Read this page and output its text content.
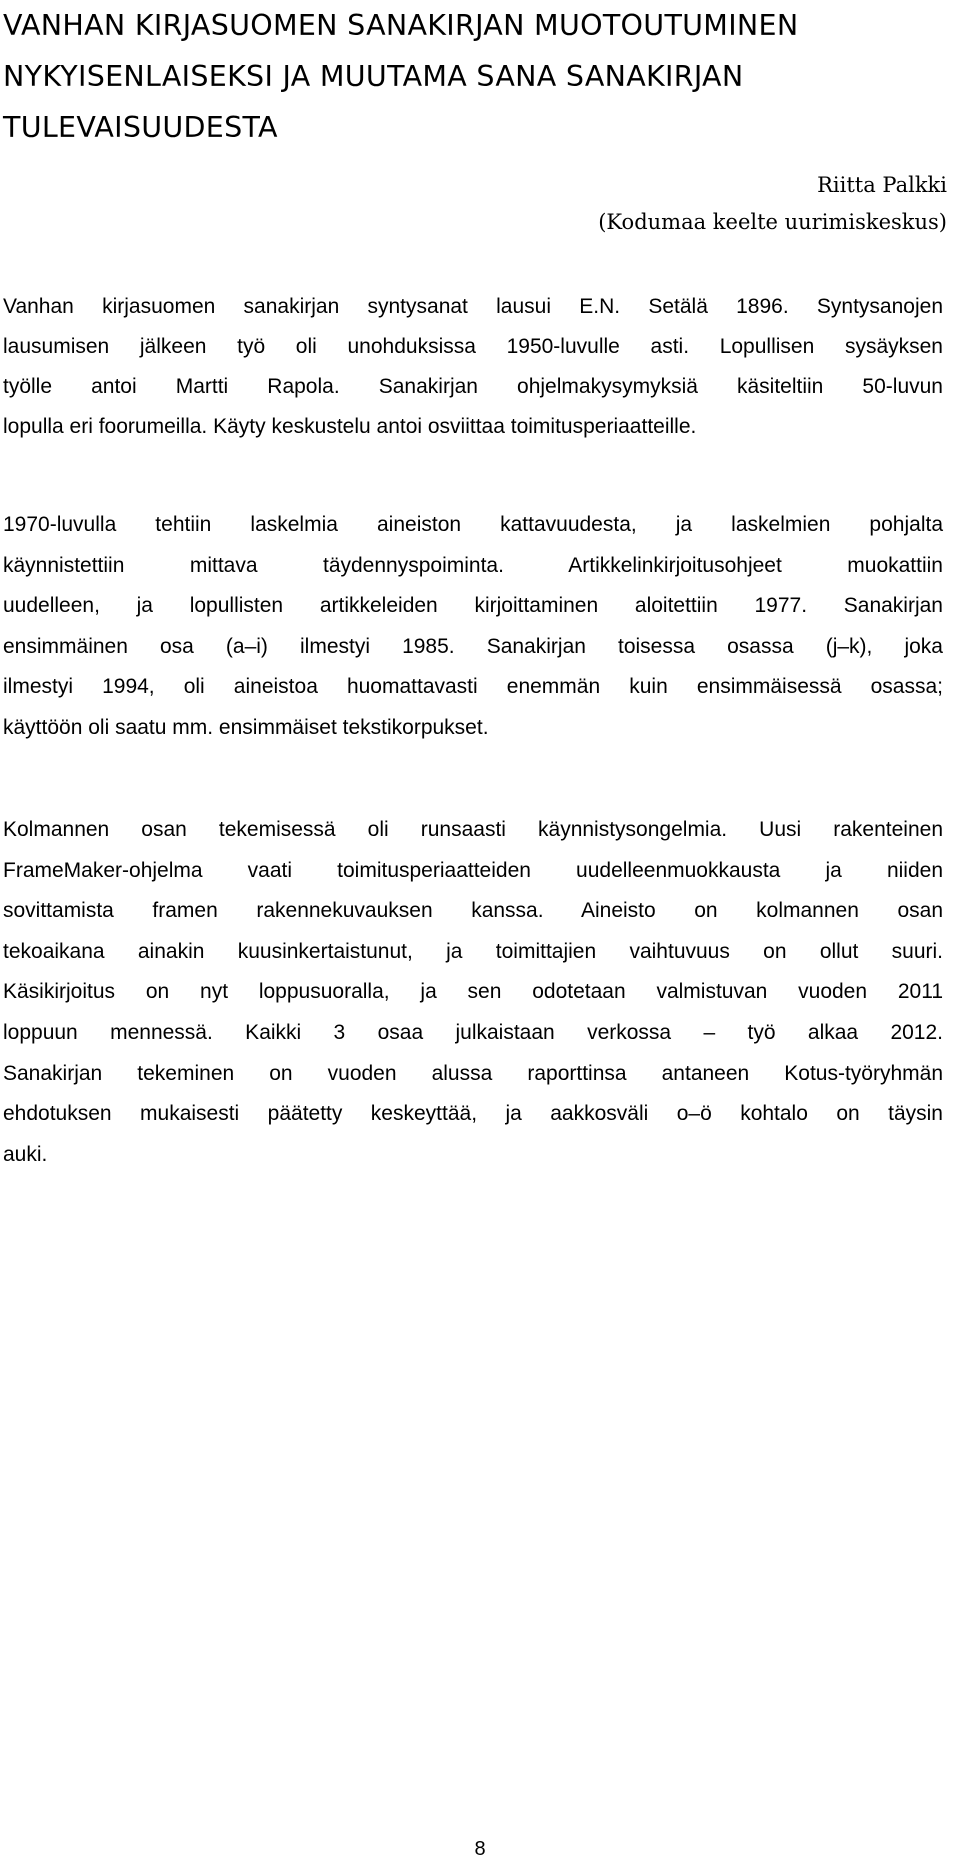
VANHAN KIRJASUOMEN SANAKIRJAN MUOTOUTUMINEN
NYKYISENLAISEKSI JA MUUTAMA SANA SANAKIRJAN
TULEVAISUUDESTA
Riitta Palkki
(Kodumaa keelte uurimiskeskus)

Vanhan kirjasuomen sanakirjan syntysanat lausui E.N. Setälä 1896. Syntysanojen
lausumisen jälkeen työ oli unohduksissa 1950-luvulle asti. Lopullisen sysäyksen
työlle antoi Martti Rapola. Sanakirjan ohjelmakysymyksiä käsiteltiin 50-luvun
lopulla eri foorumeilla. Käyty keskustelu antoi osviittaa toimitusperiaatteille.

1970-luvulla tehtiin laskelmia aineiston kattavuudesta, ja laskelmien pohjalta
käynnistettiin mittava täydennyspoiminta. Artikkelinkirjoitusohjeet muokattiin
uudelleen, ja lopullisten artikkeleiden kirjoittaminen aloitettiin 1977. Sanakirjan
ensimmäinen osa (a–i) ilmestyi 1985. Sanakirjan toisessa osassa (j–k), joka
ilmestyi 1994, oli aineistoa huomattavasti enemmän kuin ensimmäisessä osassa;
käyttöön oli saatu mm. ensimmäiset tekstikorpukset.

Kolmannen osan tekemisessä oli runsaasti käynnistysongelmia. Uusi rakenteinen
FrameMaker-ohjelma vaati toimitusperiaatteiden uudelleenmuokkausta ja niiden
sovittamista framen rakennekuvauksen kanssa. Aineisto on kolmannen osan
tekoaikana ainakin kuusinkertaistunut, ja toimittajien vaihtuvuus on ollut suuri.
Käsikirjoitus on nyt loppusuoralla, ja sen odotetaan valmistuvan vuoden 2011
loppuun mennessä. Kaikki 3 osaa julkaistaan verkossa – työ alkaa 2012.
Sanakirjan tekeminen on vuoden alussa raporttinsa antaneen Kotus-työryhmän
ehdotuksen mukaisesti päätetty keskeyttää, ja aakkosväli o–ö kohtalo on täysin
auki.

8
